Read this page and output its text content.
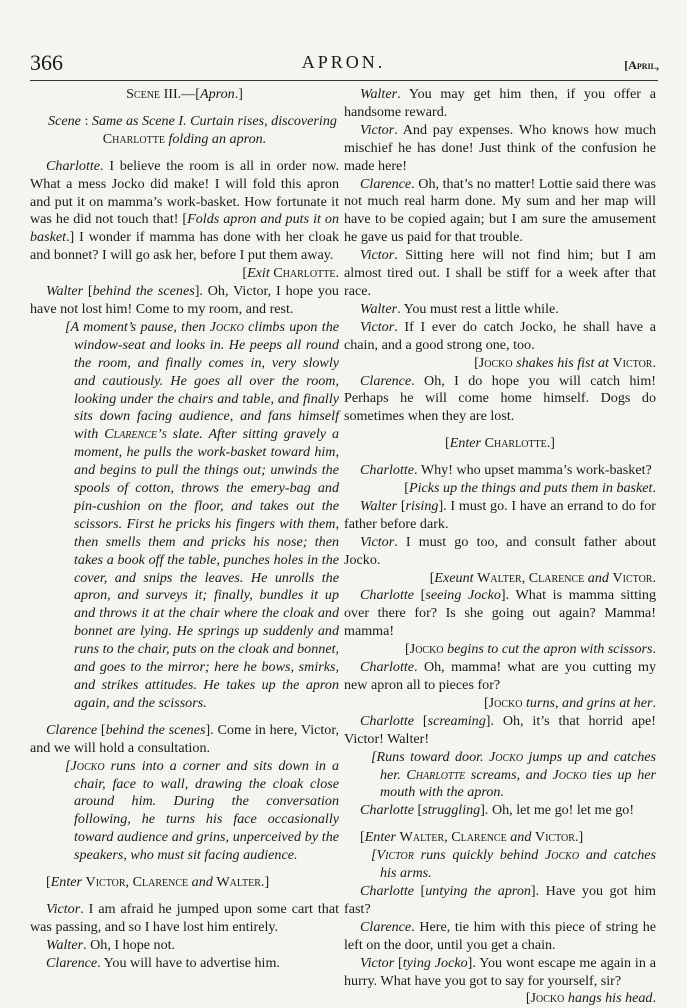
366	APRON.	[April,

Scene III.—[Apron.]

Scene : Same as Scene I. Curtain rises, discovering Charlotte folding an apron.

Charlotte. I believe the room is all in order now. What a mess Jocko did make! I will fold this apron and put it on mamma’s work-basket. How fortunate it was he did not touch that! [Folds apron and puts it on basket.] I wonder if mamma has done with her cloak and bonnet? I will go ask her, before I put them away.

[Exit Charlotte.

Walter [behind the scenes]. Oh, Victor, I hope you have not lost him! Come to my room, and rest.

[A moment’s pause, then Jocko climbs upon the window-seat and looks in. He peeps all round the room, and finally comes in, very slowly and cautiously. He goes all over the room, looking under the chairs and table, and finally sits down facing audience, and fans himself with Clarence’s slate. After sitting gravely a moment, he pulls the work-basket toward him, and begins to pull the things out; unwinds the spools of cotton, throws the emery-bag and pin-cushion on the floor, and takes out the scissors. First he pricks his fingers with them, then smells them and pricks his nose; then takes a book off the table, punches holes in the cover, and snips the leaves. He unrolls the apron, and surveys it; finally, bundles it up and throws it at the chair where the cloak and bonnet are lying. He springs up suddenly and runs to the chair, puts on the cloak and bonnet, and goes to the mirror; here he bows, smirks, and strikes attitudes. He takes up the apron again, and the scissors.

Clarence [behind the scenes]. Come in here, Victor, and we will hold a consultation.

[Jocko runs into a corner and sits down in a chair, face to wall, drawing the cloak close around him. During the conversation following, he turns his face occasionally toward audience and grins, unperceived by the speakers, who must sit facing audience.

[Enter Victor, Clarence and Walter.]

Victor. I am afraid he jumped upon some cart that was passing, and so I have lost him entirely.

Walter. Oh, I hope not.

Clarence. You will have to advertise him.

Walter. You may get him then, if you offer a handsome reward.

Victor. And pay expenses. Who knows how much mischief he has done! Just think of the confusion he made here!

Clarence. Oh, that’s no matter! Lottie said there was not much real harm done. My sum and her map will have to be copied again; but I am sure the amusement he gave us paid for that trouble.

Victor. Sitting here will not find him; but I am almost tired out. I shall be stiff for a week after that race.

Walter. You must rest a little while.

Victor. If I ever do catch Jocko, he shall have a chain, and a good strong one, too.

[Jocko shakes his fist at Victor.

Clarence. Oh, I do hope you will catch him! Perhaps he will come home himself. Dogs do sometimes when they are lost.

[Enter Charlotte.]

Charlotte. Why! who upset mamma’s work-basket?

[Picks up the things and puts them in basket.

Walter [rising]. I must go. I have an errand to do for father before dark.

Victor. I must go too, and consult father about Jocko.

[Exeunt Walter, Clarence and Victor.

Charlotte [seeing Jocko]. What is mamma sitting over there for? Is she going out again? Mamma! mamma!

[Jocko begins to cut the apron with scissors.

Charlotte. Oh, mamma! what are you cutting my new apron all to pieces for?

[Jocko turns, and grins at her.

Charlotte [screaming]. Oh, it’s that horrid ape! Victor! Walter!

[Runs toward door. Jocko jumps up and catches her. Charlotte screams, and Jocko ties up her mouth with the apron.

Charlotte [struggling]. Oh, let me go! let me go!

[Enter Walter, Clarence and Victor.]

[Victor runs quickly behind Jocko and catches his arms.

Charlotte [untying the apron]. Have you got him fast?

Clarence. Here, tie him with this piece of string he left on the door, until you get a chain.

Victor [tying Jocko]. You wont escape me again in a hurry. What have you got to say for yourself, sir?
[Jocko hangs his head.
